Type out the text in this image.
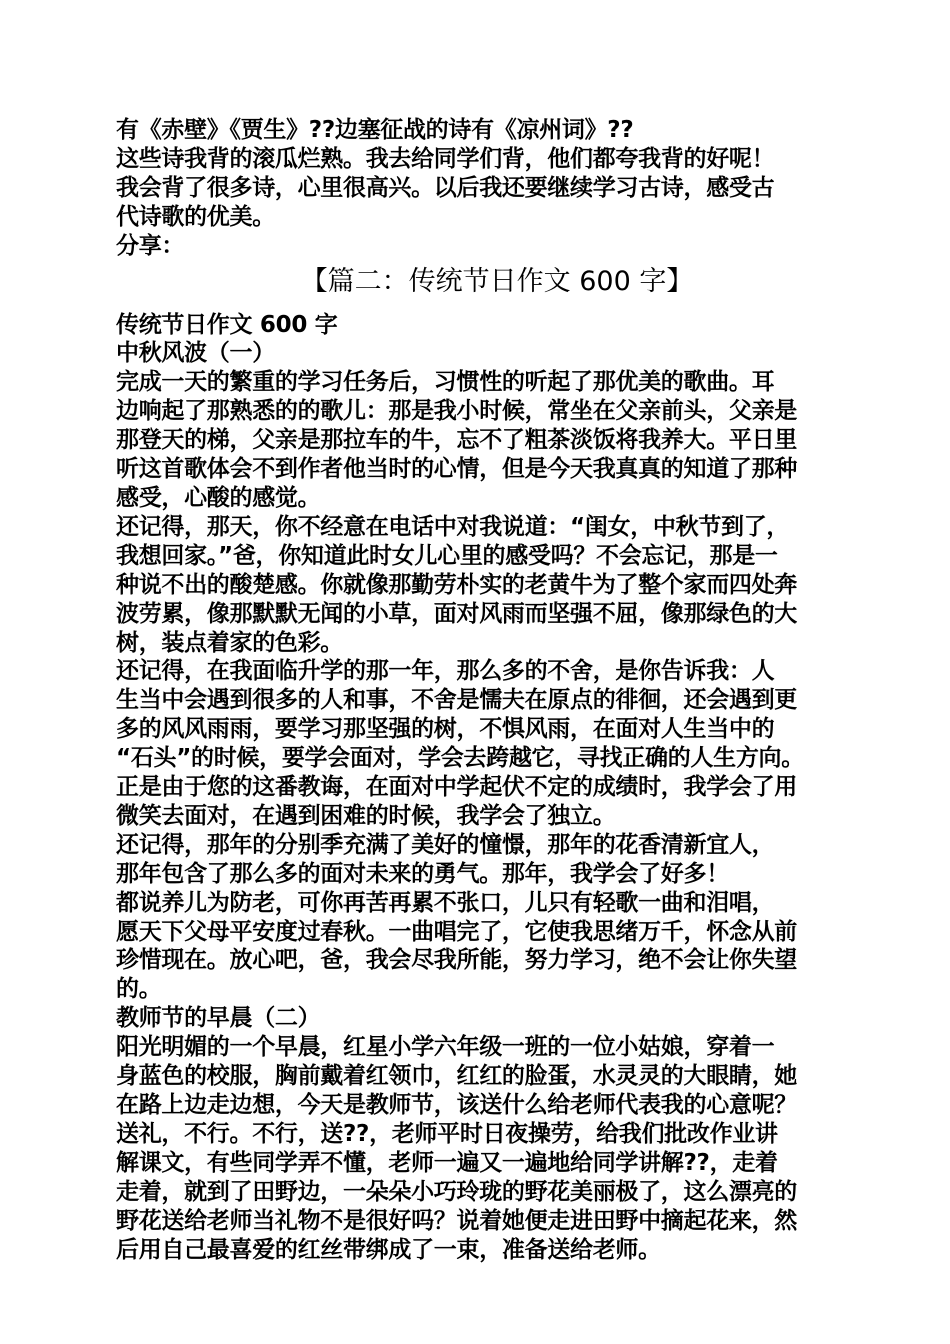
有《赤壁》《贾生》??边塞征战的诗有《凉州词》??
这些诗我背的滚瓜烂熟。我去给同学们背，他们都夸我背的好呢！
我会背了很多诗，心里很高兴。以后我还要继续学习古诗，感受古
代诗歌的优美。
分享：
【篇二：传统节日作文 600 字】
传统节日作文 600 字
中秋风波（一）
完成一天的繁重的学习任务后，习惯性的听起了那优美的歌曲。耳
边响起了那熟悉的的歌儿：那是我小时候，常坐在父亲前头，父亲是
那登天的梯，父亲是那拉车的牛，忘不了粗茶淡饭将我养大。平日里
听这首歌体会不到作者他当时的心情，但是今天我真真的知道了那种
感受，心酸的感觉。
还记得，那天，你不经意在电话中对我说道：“闺女，中秋节到了，
我想回家。”爸，你知道此时女儿心里的感受吗？不会忘记，那是一
种说不出的酸楚感。你就像那勤劳朴实的老黄牛为了整个家而四处奔
波劳累，像那默默无闻的小草，面对风雨而坚强不屈，像那绿色的大
树，装点着家的色彩。
还记得，在我面临升学的那一年，那么多的不舍，是你告诉我：人
生当中会遇到很多的人和事，不舍是懦夫在原点的徘徊，还会遇到更
多的风风雨雨，要学习那坚强的树，不惧风雨，在面对人生当中的
“石头”的时候，要学会面对，学会去跨越它，寻找正确的人生方向。
正是由于您的这番教诲，在面对中学起伏不定的成绩时，我学会了用
微笑去面对，在遇到困难的时候，我学会了独立。
还记得，那年的分别季充满了美好的憧憬，那年的花香清新宜人，
那年包含了那么多的面对未来的勇气。那年，我学会了好多！
都说养儿为防老，可你再苦再累不张口，儿只有轻歌一曲和泪唱，
愿天下父母平安度过春秋。一曲唱完了，它使我思绪万千，怀念从前
珍惜现在。放心吧，爸，我会尽我所能，努力学习，绝不会让你失望
的。
教师节的早晨（二）
阳光明媚的一个早晨，红星小学六年级一班的一位小姑娘，穿着一
身蓝色的校服，胸前戴着红领巾，红红的脸蛋，水灵灵的大眼睛，她
在路上边走边想，今天是教师节，该送什么给老师代表我的心意呢？
送礼，不行。不行，送??，老师平时日夜操劳，给我们批改作业讲
解课文，有些同学弄不懂，老师一遍又一遍地给同学讲解??，走着
走着，就到了田野边，一朵朵小巧玲珑的野花美丽极了，这么漂亮的
野花送给老师当礼物不是很好吗？说着她便走进田野中摘起花来，然
后用自己最喜爱的红丝带绑成了一束，准备送给老师。
